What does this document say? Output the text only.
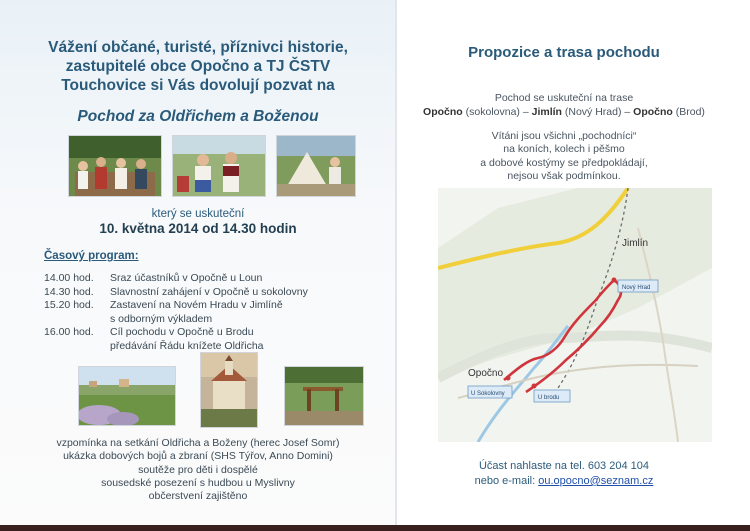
Vážení občané, turisté, příznivci historie,
zastupitelé obce Opočno a TJ ČSTV
Touchovice si Vás dovolují pozvat na
Pochod za Oldřichem a Boženou
který se uskuteční
10. května 2014 od 14.30 hodin
Časový program:
14.00 hod.	Sraz účastníků v Opočně u Loun
14.30 hod.	Slavnostní zahájení v Opočně u sokolovny
15.20 hod.	Zastavení na Novém Hradu v Jimlíně
s odborným výkladem
16.00 hod.	Cíl pochodu v Opočně u Brodu
předávání Řádu knížete Oldřicha
vzpomínka na setkání Oldřicha a Boženy (herec Josef Somr)
ukázka dobových bojů a zbraní (SHS Týřov, Anno Domini)
soutěže pro děti i dospělé
sousedské posezení s hudbou u Myslivny
občerstvení zajištěno
Propozice a trasa pochodu
Pochod se uskuteční na trase
Opočno (sokolovna) – Jimlín (Nový Hrad) – Opočno (Brod)
Vítáni jsou všichni „pochodníci“
na koních, kolech i pěšmo
a dobové kostýmy se předpokládají,
nejsou však podmínkou.
Jimlín
Opočno
Nový Hrad
U Sokolovny
U brodu
Účast nahlaste na tel. 603 204 104
nebo e-mail: ou.opocno@seznam.cz
